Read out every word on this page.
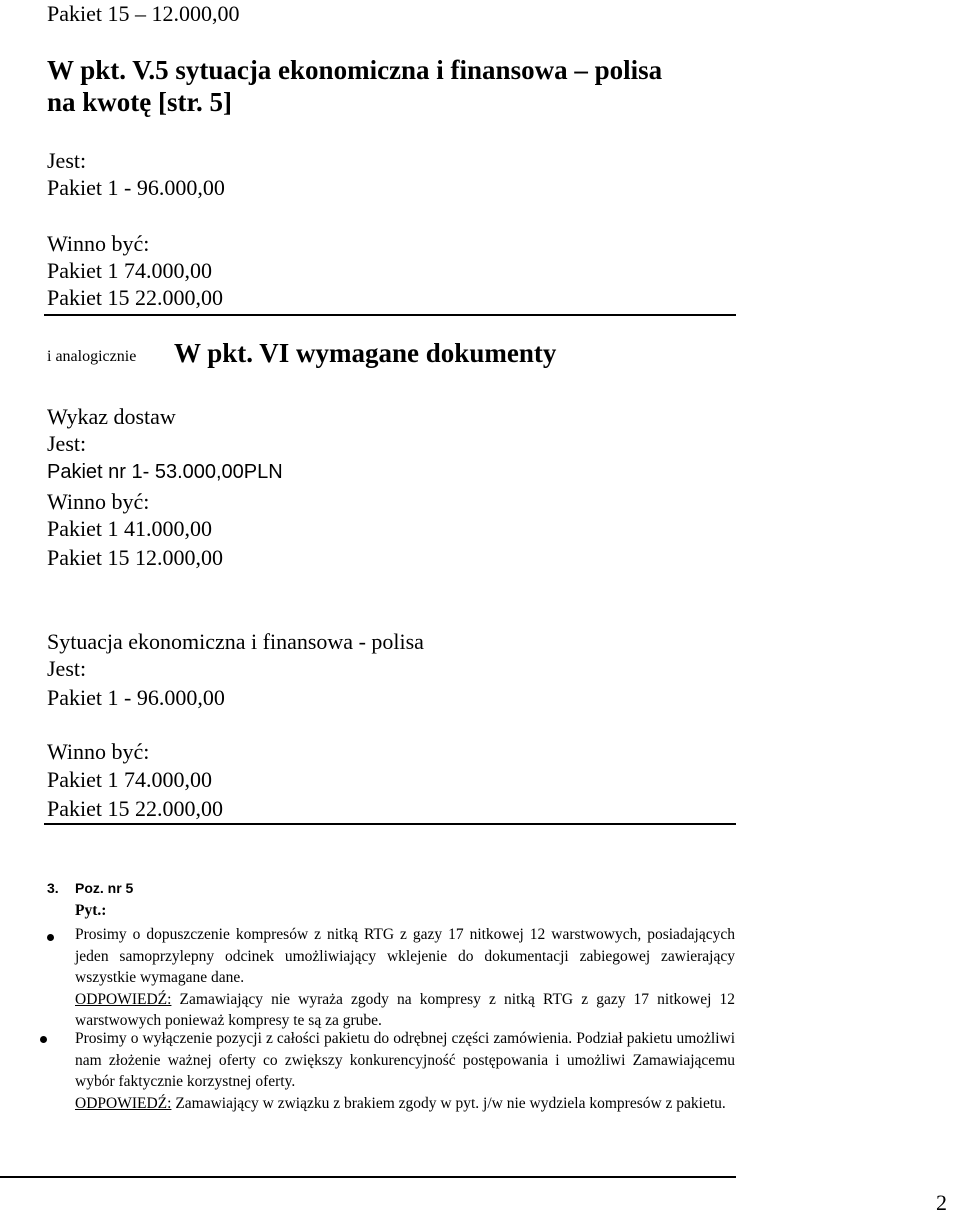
Pakiet 15 – 12.000,00
W pkt. V.5 sytuacja ekonomiczna i finansowa – polisa
na kwotę [str. 5]
Jest:
Pakiet 1 - 96.000,00
Winno być:
Pakiet 1 74.000,00
Pakiet 15 22.000,00
i analogicznie W pkt. VI wymagane dokumenty
Wykaz dostaw
Jest:
Pakiet nr 1- 53.000,00PLN
Winno być:
Pakiet 1 41.000,00
Pakiet 15 12.000,00
Sytuacja ekonomiczna i finansowa - polisa
Jest:
Pakiet 1 - 96.000,00
Winno być:
Pakiet 1 74.000,00
Pakiet 15 22.000,00
3. Poz. nr 5
Pyt.:
Prosimy o dopuszczenie kompresów z nitką RTG z gazy 17 nitkowej 12 warstwowych, posiadających jeden samoprzylepny odcinek umożliwiający wklejenie do dokumentacji zabiegowej zawierający wszystkie wymagane dane.
ODPOWIEDŹ: Zamawiający nie wyraża zgody na kompresy z nitką RTG z gazy 17 nitkowej 12 warstwowych ponieważ kompresy te są za grube.
Prosimy o wyłączenie pozycji z całości pakietu do odrębnej części zamówienia. Podział pakietu umożliwi nam złożenie ważnej oferty co zwiększy konkurencyjność postępowania i umożliwi Zamawiającemu wybór faktycznie korzystnej oferty.
ODPOWIEDŹ: Zamawiający w związku z brakiem zgody w pyt. j/w nie wydziela kompresów z pakietu.
2
